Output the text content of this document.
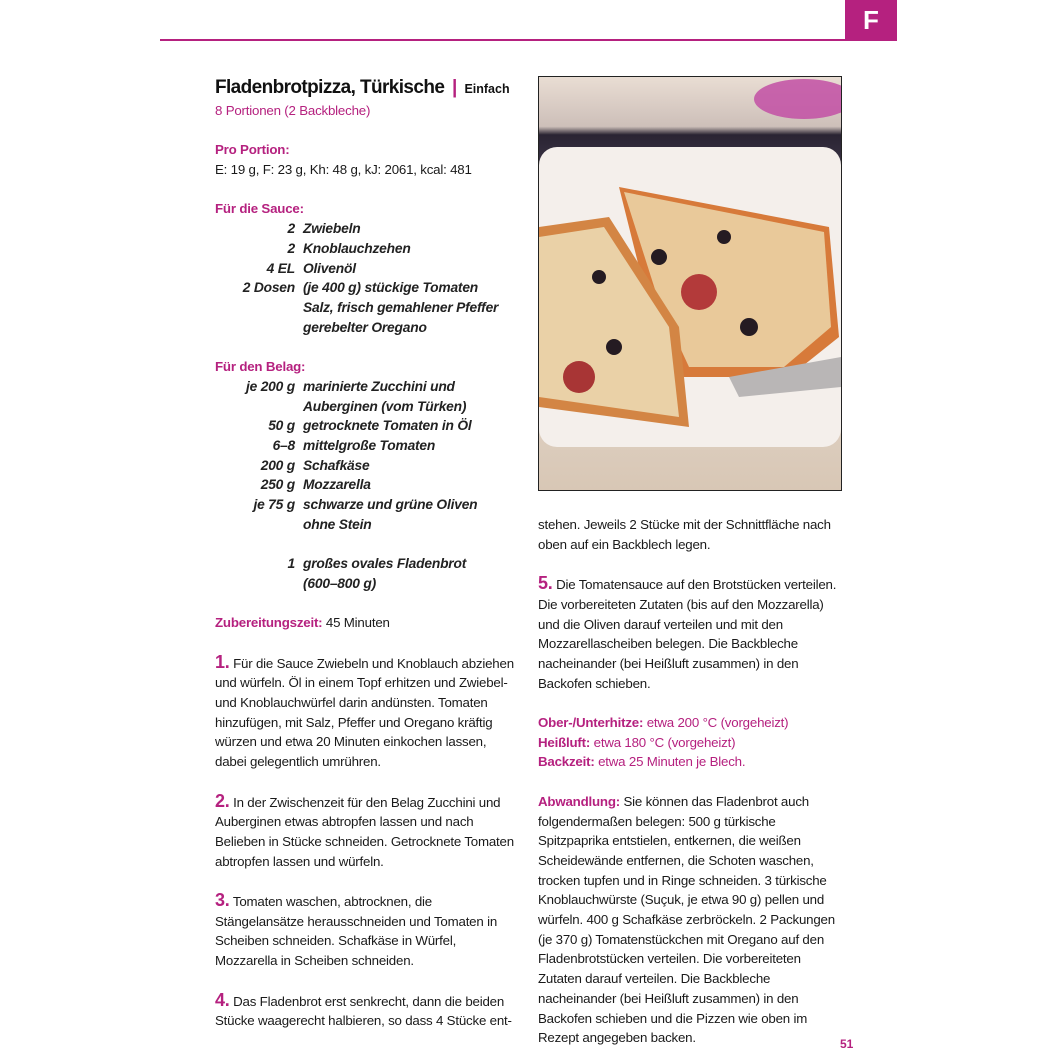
F
Fladenbrotpizza, Türkische | Einfach
8 Portionen (2 Backbleche)
Pro Portion:
E: 19 g, F: 23 g, Kh: 48 g, kJ: 2061, kcal: 481
Für die Sauce:
2 Zwiebeln
2 Knoblauchzehen
4 EL Olivenöl
2 Dosen (je 400 g) stückige Tomaten
Salz, frisch gemahlener Pfeffer
gerebelter Oregano
Für den Belag:
je 200 g marinierte Zucchini und
Auberginen (vom Türken)
50 g getrocknete Tomaten in Öl
6–8 mittelgroße Tomaten
200 g Schafkäse
250 g Mozzarella
je 75 g schwarze und grüne Oliven
ohne Stein
1 großes ovales Fladenbrot
(600–800 g)
Zubereitungszeit: 45 Minuten
1. Für die Sauce Zwiebeln und Knoblauch abziehen und würfeln. Öl in einem Topf erhitzen und Zwiebel- und Knoblauchwürfel darin andünsten. Tomaten hinzufügen, mit Salz, Pfeffer und Oregano kräftig würzen und etwa 20 Minuten einkochen lassen, dabei gelegentlich umrühren.
2. In der Zwischenzeit für den Belag Zucchini und Auberginen etwas abtropfen lassen und nach Belieben in Stücke schneiden. Getrocknete Tomaten abtropfen lassen und würfeln.
3. Tomaten waschen, abtrocknen, die Stängelansätze herausschneiden und Tomaten in Scheiben schneiden. Schafkäse in Würfel, Mozzarella in Scheiben schneiden.
4. Das Fladenbrot erst senkrecht, dann die beiden Stücke waagerecht halbieren, so dass 4 Stücke ent-
stehen. Jeweils 2 Stücke mit der Schnittfläche nach oben auf ein Backblech legen.
5. Die Tomatensauce auf den Brotstücken verteilen. Die vorbereiteten Zutaten (bis auf den Mozzarella) und die Oliven darauf verteilen und mit den Mozzarellascheiben belegen. Die Backbleche nacheinander (bei Heißluft zusammen) in den Backofen schieben.
Ober-/Unterhitze: etwa 200 °C (vorgeheizt)
Heißluft: etwa 180 °C (vorgeheizt)
Backzeit: etwa 25 Minuten je Blech.
Abwandlung: Sie können das Fladenbrot auch folgendermaßen belegen: 500 g türkische Spitzpaprika entstielen, entkernen, die weißen Scheidewände entfernen, die Schoten waschen, trocken tupfen und in Ringe schneiden. 3 türkische Knoblauchwürste (Suçuk, je etwa 90 g) pellen und würfeln. 400 g Schafkäse zerbröckeln. 2 Packungen (je 370 g) Tomatenstückchen mit Oregano auf den Fladenbrotstücken verteilen. Die vorbereiteten Zutaten darauf verteilen. Die Backbleche nacheinander (bei Heißluft zusammen) in den Backofen schieben und die Pizzen wie oben im Rezept angegeben backen.	51
